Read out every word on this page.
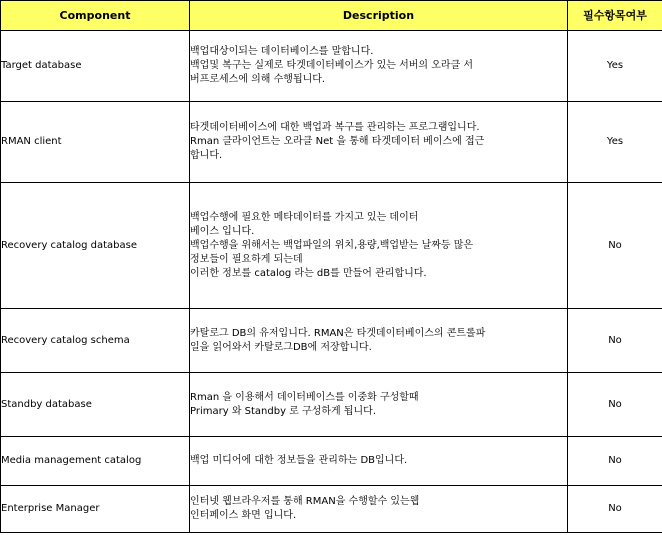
Component	Description	필수항목여부
Target database	백업대상이되는 데이터베이스를 말합니다.
백업및 복구는 실제로 타겟데이터베이스가 있는 서버의 오라클 서
버프로세스에 의해 수행됩니다.	Yes
RMAN client	타겟데이터베이스에 대한 백업과 복구를 관리하는 프로그램입니다.
Rman 클라이언트는 오라클 Net 을 통해 타겟데이터 베이스에 접근
합니다.	Yes
Recovery catalog database	백업수행에 필요한 메타데이터를 가지고 있는 데이터
베이스 입니다.
백업수행을 위해서는 백업파일의 위치,용량,백업받는 날짜등 많은
정보들이 필요하게 되는데
이러한 정보를 catalog 라는 dB를 만들어 관리합니다.	No
Recovery catalog schema	카탈로그 DB의 유저입니다. RMAN은 타겟데이터베이스의 콘트롤파
일을 읽어와서 카탈로그DB에 저장합니다.	No
Standby database	Rman 을 이용해서 데이터베이스를 이중화 구성할때
Primary 와 Standby 로 구성하게 됩니다.	No
Media management catalog	백업 미디어에 대한 정보들을 관리하는 DB입니다.	No
Enterprise Manager	인터넷 웹브라우저를 통해 RMAN을 수행할수 있는웹
인터페이스 화면 입니다.	No
